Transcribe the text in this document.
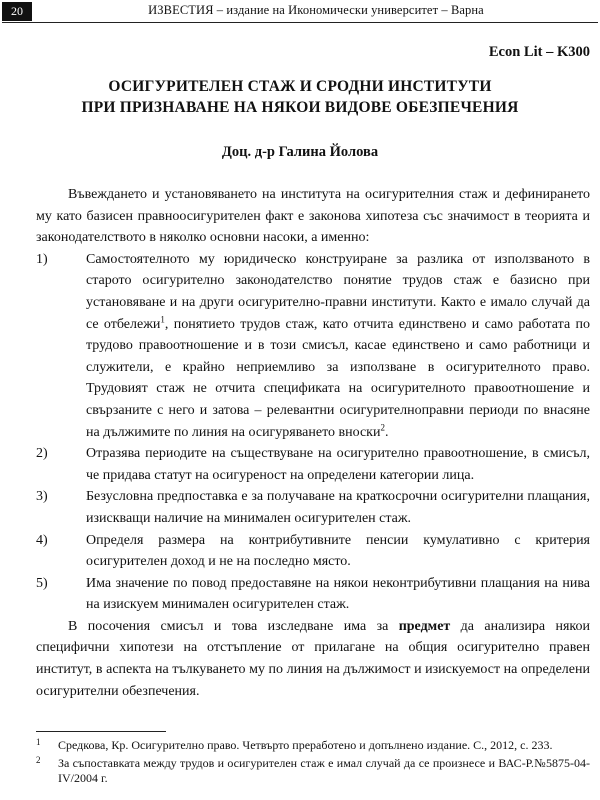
20	ИЗВЕСТИЯ – издание на Икономически университет – Варна
Econ Lit – K300
ОСИГУРИТЕЛЕН СТАЖ И СРОДНИ ИНСТИТУТИ
ПРИ ПРИЗНАВАНЕ НА НЯКОИ ВИДОВЕ ОБЕЗПЕЧЕНИЯ
Доц. д-р Галина Йолова

Въвеждането и установяването на института на осигурителния стаж и дефинирането му като базисен правноосигурителен факт е законова хипотеза със значимост в теорията и законодателството в няколко основни насоки, а именно:

1)	Самостоятелното му юридическо конструиране за разлика от използваното в старото осигурително законодателство понятие трудов стаж е базисно при установяване и на други осигурително-правни институти. Както е имало случай да се отбележи$^1$, понятието трудов стаж, като отчита единствено и само работата по трудово правоотношение и в този смисъл, касае единствено и само работници и служители, е крайно неприемливо за използване в осигурителното право. Трудовият стаж не отчита спецификата на осигурителното правоотношение и свързаните с него и затова – релевантни осигурителноправни периоди по внасяне на дължимите по линия на осигуряването вноски$^2$.
2)	Отразява периодите на съществуване на осигурително правоотношение, в смисъл, че придава статут на осигуреност на определени категории лица.
3)	Безусловна предпоставка е за получаване на краткосрочни осигурителни плащания, изискващи наличие на минимален осигурителен стаж.
4)	Определя размера на контрибутивните пенсии кумулативно с критерия осигурителен доход и не на последно място.
5)	Има значение по повод предоставяне на някои неконтрибутивни плащания на нива на изискуем минимален осигурителен стаж.

В посочения смисъл и това изследване има за предмет да анализира някои специфични хипотези на отстъпление от прилагане на общия осигурително правен институт, в аспекта на тълкуването му по линия на дължимост и изискуемост на определени осигурителни обезпечения.

1 Средкова, Кр. Осигурително право. Четвърто преработено и допълнено издание. С., 2012, с. 233.
2 За съпоставката между трудов и осигурителен стаж е имал случай да се произнесе и ВАС-Р.№5875-04-IV/2004 г.
